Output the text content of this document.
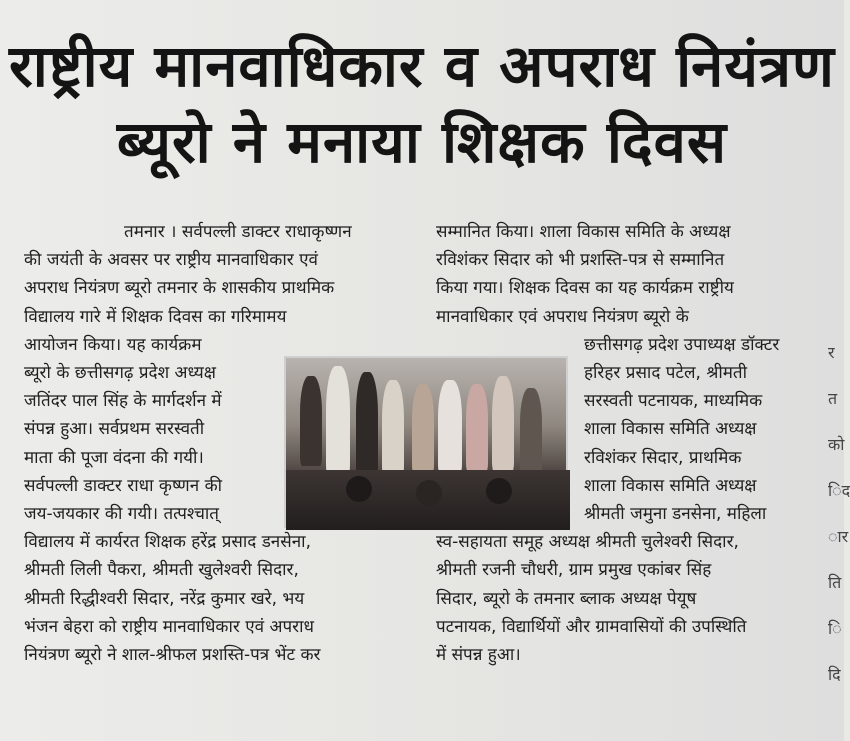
राष्ट्रीय मानवाधिकार व अपराध नियंत्रण
ब्यूरो ने मनाया शिक्षक दिवस

तमनार । सर्वपल्ली डाक्टर राधाकृष्णन

की जयंती के अवसर पर राष्ट्रीय मानवाधिकार एवं

अपराध नियंत्रण ब्यूरो तमनार के शासकीय प्राथमिक

विद्यालय गारे में शिक्षक दिवस का गरिमामय

आयोजन किया। यह कार्यक्रम

ब्यूरो के छत्तीसगढ़ प्रदेश अध्यक्ष

जतिंदर पाल सिंह के मार्गदर्शन में

संपन्न हुआ। सर्वप्रथम सरस्वती

माता की पूजा वंदना की गयी।

सर्वपल्ली डाक्टर राधा कृष्णन की

जय-जयकार की गयी। तत्पश्चात्

विद्यालय में कार्यरत शिक्षक हरेंद्र प्रसाद डनसेना,

श्रीमती लिली पैकरा, श्रीमती खुलेश्वरी सिदार,

श्रीमती रिद्धीश्वरी सिदार, नरेंद्र कुमार खरे, भय

भंजन बेहरा को राष्ट्रीय मानवाधिकार एवं अपराध

नियंत्रण ब्यूरो ने शाल-श्रीफल प्रशस्ति-पत्र भेंट कर

सम्मानित किया। शाला विकास समिति के अध्यक्ष

रविशंकर सिदार को भी प्रशस्ति-पत्र से सम्मानित

किया गया। शिक्षक दिवस का यह कार्यक्रम राष्ट्रीय

मानवाधिकार एवं अपराध नियंत्रण ब्यूरो के

छत्तीसगढ़ प्रदेश उपाध्यक्ष डॉक्टर

हरिहर प्रसाद पटेल, श्रीमती

सरस्वती पटनायक, माध्यमिक

शाला विकास समिति अध्यक्ष

रविशंकर सिदार, प्राथमिक

शाला विकास समिति अध्यक्ष

श्रीमती जमुना डनसेना, महिला

स्व-सहायता समूह अध्यक्ष श्रीमती चुलेश्वरी सिदार,

श्रीमती रजनी चौधरी, ग्राम प्रमुख एकांबर सिंह

सिदार, ब्यूरो के तमनार ब्लाक अध्यक्ष पेयूष

पटनायक, विद्यार्थियों और ग्रामवासियों की उपस्थिति

में संपन्न हुआ।

र
त
को
िद
ार
ति
ि
दि
